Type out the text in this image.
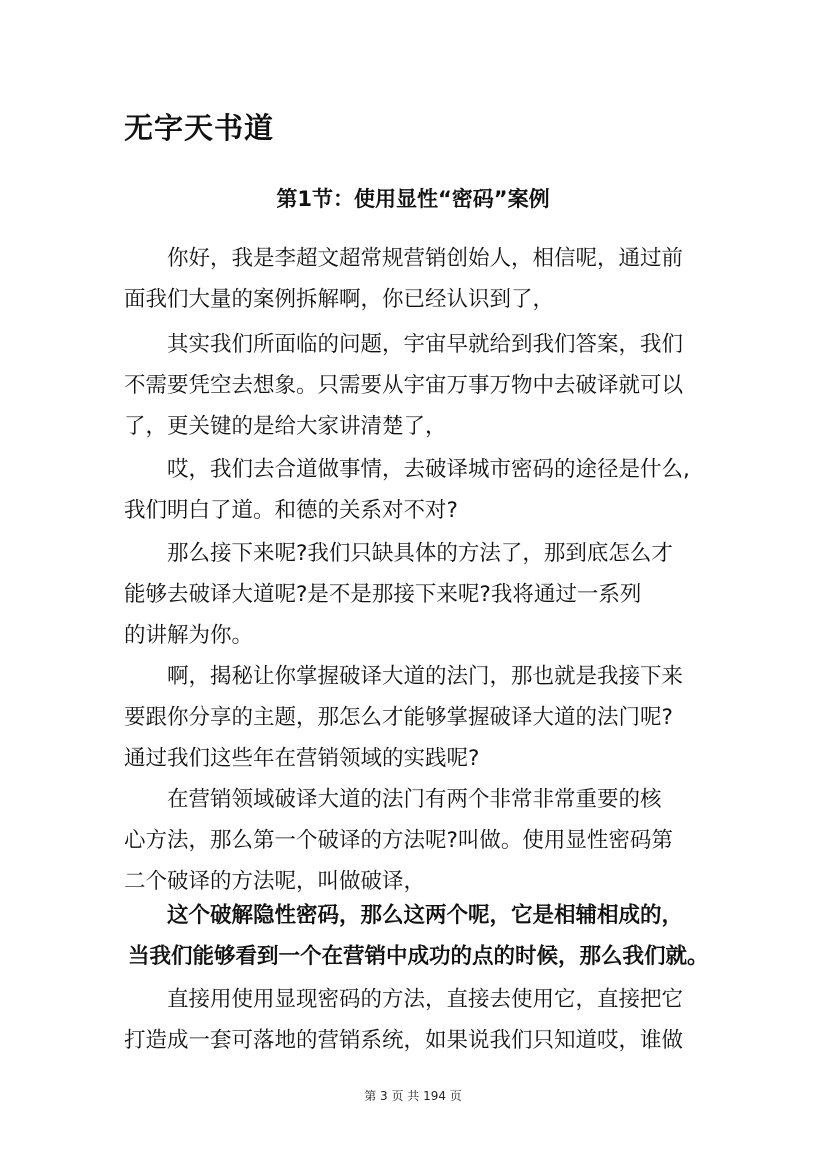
无字天书道
第1节：使用显性“密码”案例

你好，我是李超文超常规营销创始人，相信呢，通过前
面我们大量的案例拆解啊，你已经认识到了，

其实我们所面临的问题，宇宙早就给到我们答案，我们
不需要凭空去想象。只需要从宇宙万事万物中去破译就可以
了，更关键的是给大家讲清楚了，

哎，我们去合道做事情，去破译城市密码的途径是什么,
我们明白了道。和德的关系对不对?

那么接下来呢?我们只缺具体的方法了，那到底怎么才
能够去破译大道呢?是不是那接下来呢?我将通过一系列
的讲解为你。

啊，揭秘让你掌握破译大道的法门，那也就是我接下来
要跟你分享的主题，那怎么才能够掌握破译大道的法门呢?
通过我们这些年在营销领域的实践呢?

在营销领域破译大道的法门有两个非常非常重要的核
心方法，那么第一个破译的方法呢?叫做。使用显性密码第
二个破译的方法呢，叫做破译，

这个破解隐性密码，那么这两个呢，它是相辅相成的，
当我们能够看到一个在营销中成功的点的时候，那么我们就。

直接用使用显现密码的方法，直接去使用它，直接把它
打造成一套可落地的营销系统，如果说我们只知道哎，谁做

第 3 页 共 194 页
